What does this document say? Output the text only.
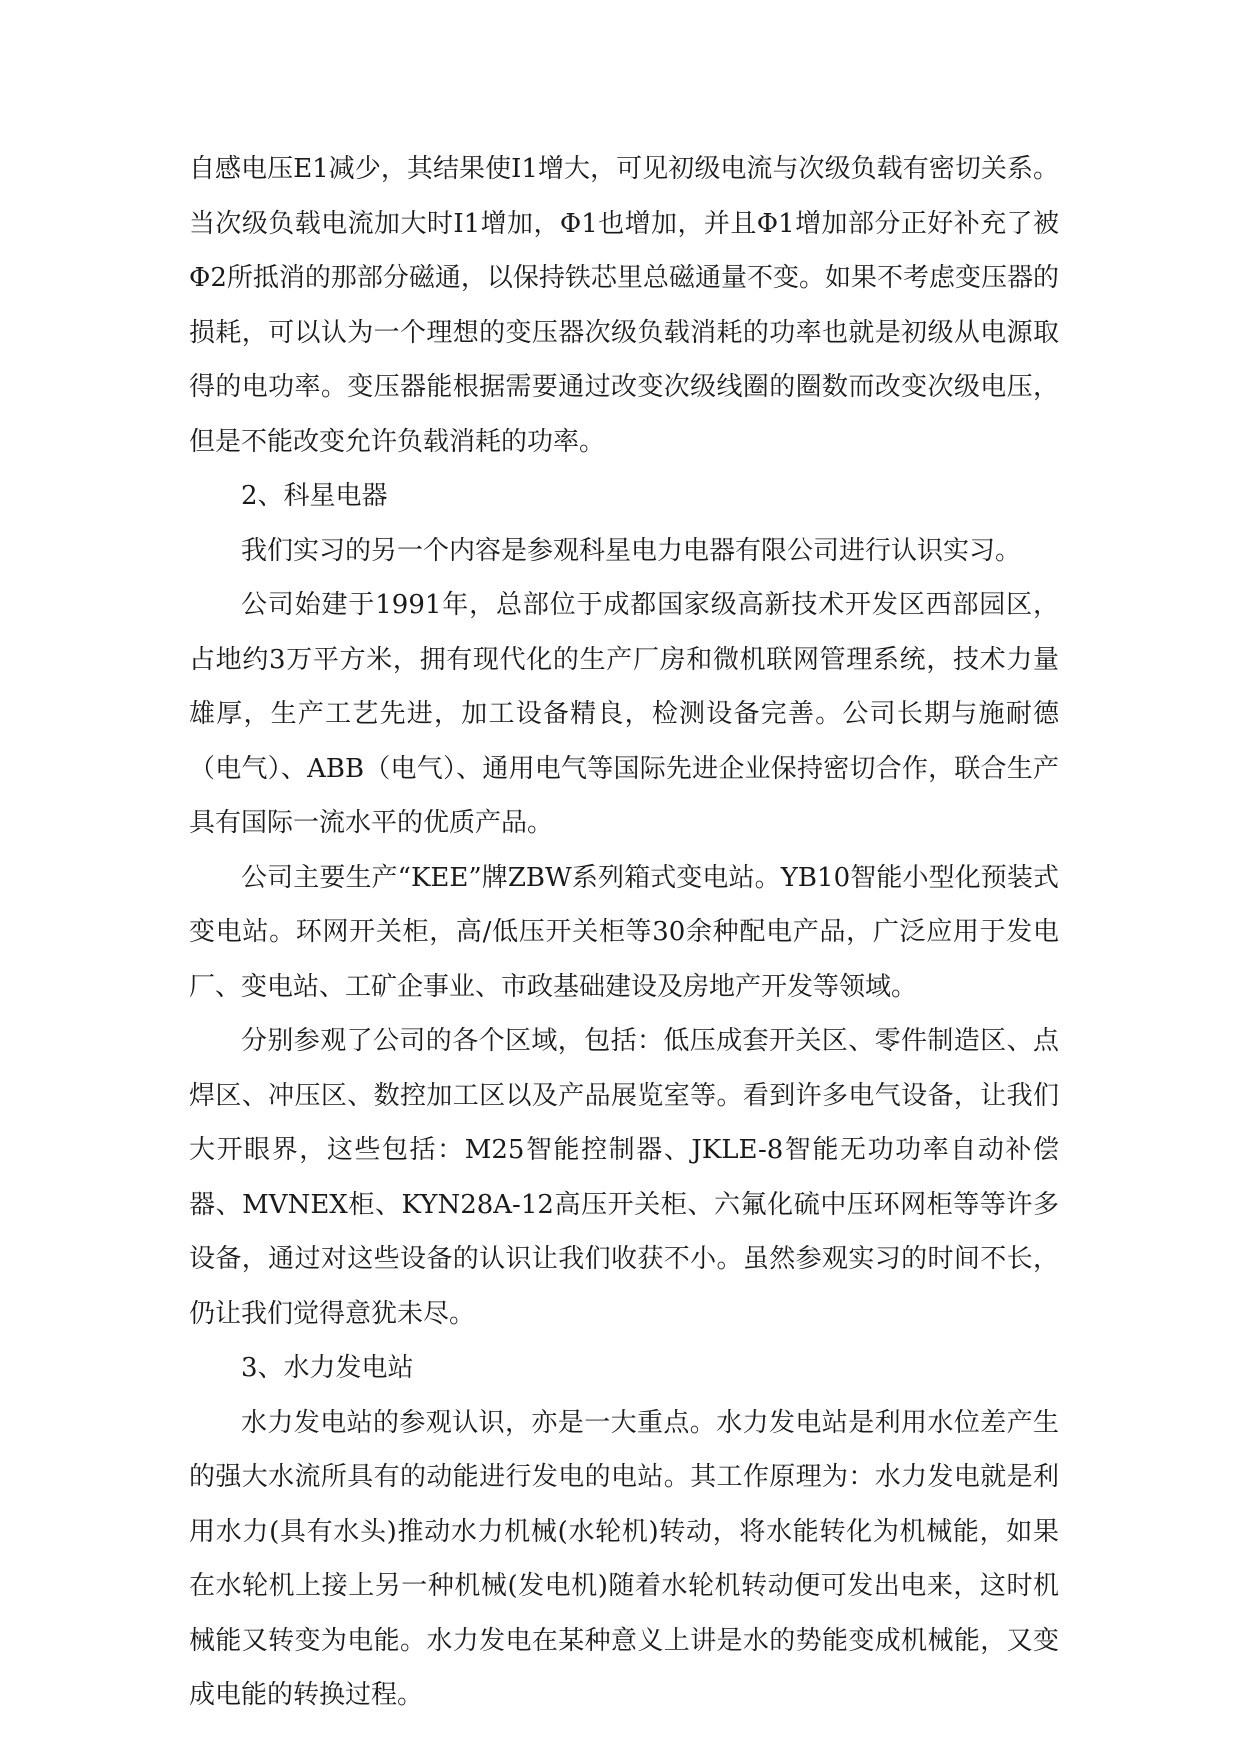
自感电压E1减少，其结果使I1增大，可见初级电流与次级负载有密切关系。当次级负载电流加大时I1增加，Φ1也增加，并且Φ1增加部分正好补充了被Φ2所抵消的那部分磁通，以保持铁芯里总磁通量不变。如果不考虑变压器的损耗，可以认为一个理想的变压器次级负载消耗的功率也就是初级从电源取得的电功率。变压器能根据需要通过改变次级线圈的圈数而改变次级电压，但是不能改变允许负载消耗的功率。

2、科星电器

我们实习的另一个内容是参观科星电力电器有限公司进行认识实习。

公司始建于1991年，总部位于成都国家级高新技术开发区西部园区，占地约3万平方米，拥有现代化的生产厂房和微机联网管理系统，技术力量雄厚，生产工艺先进，加工设备精良，检测设备完善。公司长期与施耐德（电气）、ABB（电气）、通用电气等国际先进企业保持密切合作，联合生产具有国际一流水平的优质产品。

公司主要生产“KEE”牌ZBW系列箱式变电站。YB10智能小型化预装式变电站。环网开关柜，高/低压开关柜等30余种配电产品，广泛应用于发电厂、变电站、工矿企事业、市政基础建设及房地产开发等领域。

分别参观了公司的各个区域，包括：低压成套开关区、零件制造区、点焊区、冲压区、数控加工区以及产品展览室等。看到许多电气设备，让我们大开眼界，这些包括：M25智能控制器、JKLE-8智能无功功率自动补偿器、MVNEX柜、KYN28A-12高压开关柜、六氟化硫中压环网柜等等许多设备，通过对这些设备的认识让我们收获不小。虽然参观实习的时间不长，仍让我们觉得意犹未尽。

3、水力发电站

水力发电站的参观认识，亦是一大重点。水力发电站是利用水位差产生的强大水流所具有的动能进行发电的电站。其工作原理为：水力发电就是利用水力(具有水头)推动水力机械(水轮机)转动，将水能转化为机械能，如果在水轮机上接上另一种机械(发电机)随着水轮机转动便可发出电来，这时机械能又转变为电能。水力发电在某种意义上讲是水的势能变成机械能，又变成电能的转换过程。
